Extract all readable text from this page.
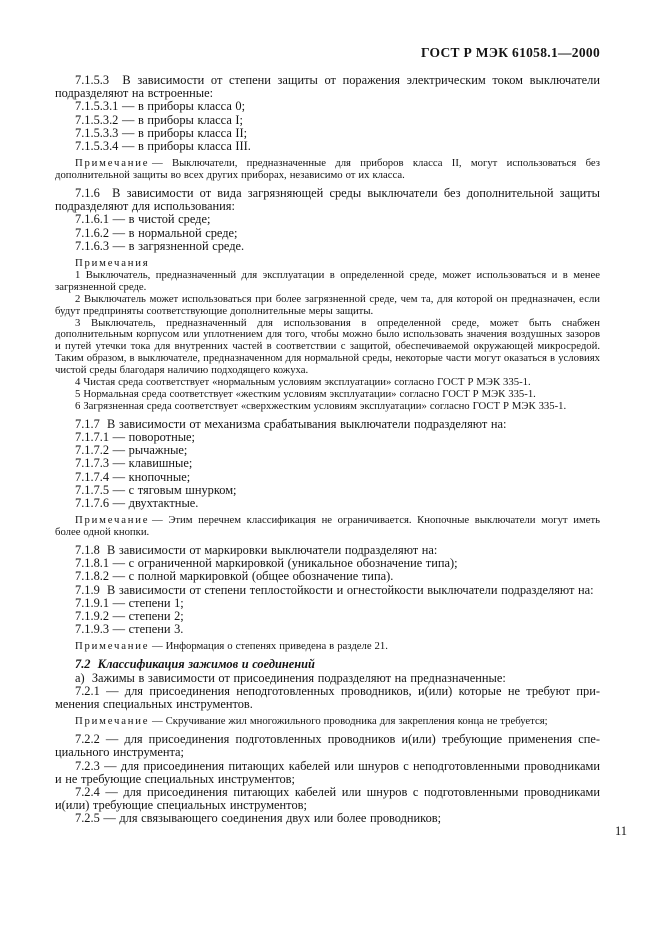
ГОСТ Р МЭК 61058.1—2000

7.1.5.3  В зависимости от степени защиты от поражения электрическим током выключатели подразделяют на встроенные:

7.1.5.3.1 — в приборы класса 0;

7.1.5.3.2 — в приборы класса I;

7.1.5.3.3 — в приборы класса II;

7.1.5.3.4 — в приборы класса III.

Примечание — Выключатели, предназначенные для приборов класса II, могут использоваться без дополнительной защиты во всех других приборах, независимо от их класса.

7.1.6  В зависимости от вида загрязняющей среды выключатели без дополнительной защиты подразделяют для использования:

7.1.6.1 — в чистой среде;

7.1.6.2 — в нормальной среде;

7.1.6.3 — в загрязненной среде.

Примечания

1 Выключатель, предназначенный для эксплуатации в определенной среде, может использоваться и в менее загрязненной среде.

2 Выключатель может использоваться при более загрязненной среде, чем та, для которой он предназначен, если будут предприняты соответствующие дополнительные меры защиты.

3 Выключатель, предназначенный для использования в определенной среде, может быть снабжен дополнительным корпусом или уплотнением для того, чтобы можно было использовать значения воздушных зазоров и путей утечки тока для внутренних частей в соответствии с защитой, обеспечиваемой окружающей микросредой. Таким образом, в выключателе, предназначенном для нормальной среды, некоторые части могут оказаться в условиях чистой среды благодаря наличию подходящего кожуха.

4 Чистая среда соответствует «нормальным условиям эксплуатации» согласно ГОСТ Р МЭК 335-1.

5 Нормальная среда соответствует «жестким условиям эксплуатации» согласно ГОСТ Р МЭК 335-1.

6 Загрязненная среда соответствует «сверхжестким условиям эксплуатации» согласно ГОСТ Р МЭК 335-1.

7.1.7  В зависимости от механизма срабатывания выключатели подразделяют на:

7.1.7.1 — поворотные;

7.1.7.2 — рычажные;

7.1.7.3 — клавишные;

7.1.7.4 — кнопочные;

7.1.7.5 — с тяговым шнурком;

7.1.7.6 — двухтактные.

Примечание — Этим перечнем классификация не ограничивается. Кнопочные выключатели могут иметь более одной кнопки.

7.1.8  В зависимости от маркировки выключатели подразделяют на:

7.1.8.1 — с ограниченной маркировкой (уникальное обозначение типа);

7.1.8.2 — с полной маркировкой (общее обозначение типа).

7.1.9  В зависимости от степени теплостойкости и огнестойкости выключатели подразделяют на:

7.1.9.1 — степени 1;

7.1.9.2 — степени 2;

7.1.9.3 — степени 3.

Примечание — Информация о степенях приведена в разделе 21.

7.2  Классификация зажимов и соединений

а)  Зажимы в зависимости от присоединения подразделяют на предназначенные:

7.2.1 — для присоединения неподготовленных проводников, и(или) которые не требуют применения специальных инструментов.

Примечание — Скручивание жил многожильного проводника для закрепления конца не требуется;

7.2.2 — для присоединения подготовленных проводников и(или) требующие применения специального инструмента;

7.2.3 — для присоединения питающих кабелей или шнуров с неподготовленными проводниками и не требующие специальных инструментов;

7.2.4 — для присоединения питающих кабелей или шнуров с подготовленными проводниками и(или) требующие специальных инструментов;

7.2.5 — для связывающего соединения двух или более проводников;

11
